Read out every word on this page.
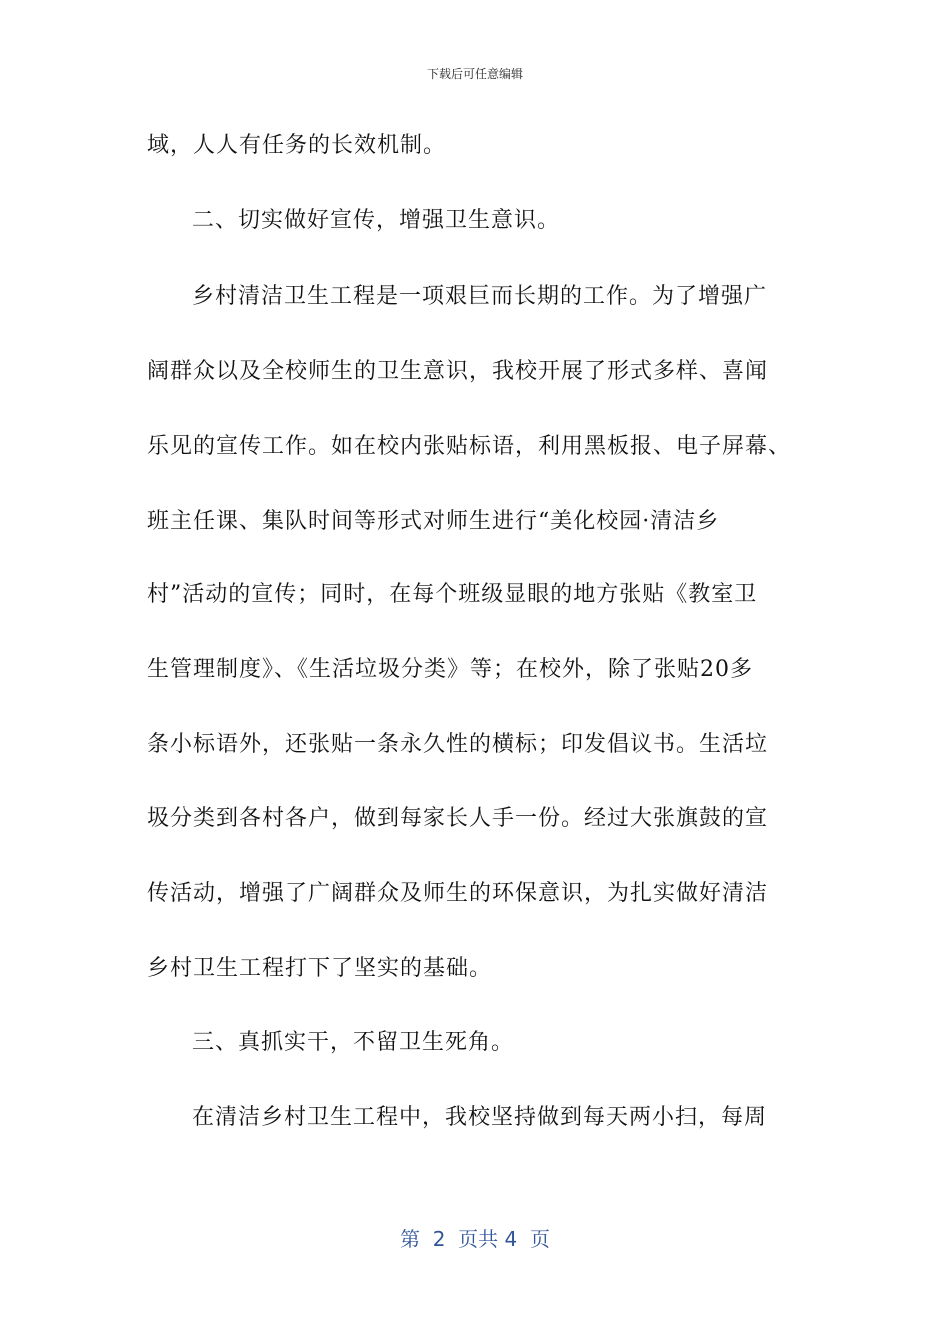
下载后可任意编辑
域，人人有任务的长效机制。
二、切实做好宣传，增强卫生意识。
乡村清洁卫生工程是一项艰巨而长期的工作。为了增强广
阔群众以及全校师生的卫生意识，我校开展了形式多样、喜闻
乐见的宣传工作。如在校内张贴标语，利用黑板报、电子屏幕、
班主任课、集队时间等形式对师生进行“美化校园·清洁乡
村”活动的宣传；同时，在每个班级显眼的地方张贴《教室卫
生管理制度》、《生活垃圾分类》等；在校外，除了张贴20多
条小标语外，还张贴一条永久性的横标；印发倡议书。生活垃
圾分类到各村各户，做到每家长人手一份。经过大张旗鼓的宣
传活动，增强了广阔群众及师生的环保意识，为扎实做好清洁
乡村卫生工程打下了坚实的基础。
三、真抓实干，不留卫生死角。
在清洁乡村卫生工程中，我校坚持做到每天两小扫，每周
第  2  页共 4  页
